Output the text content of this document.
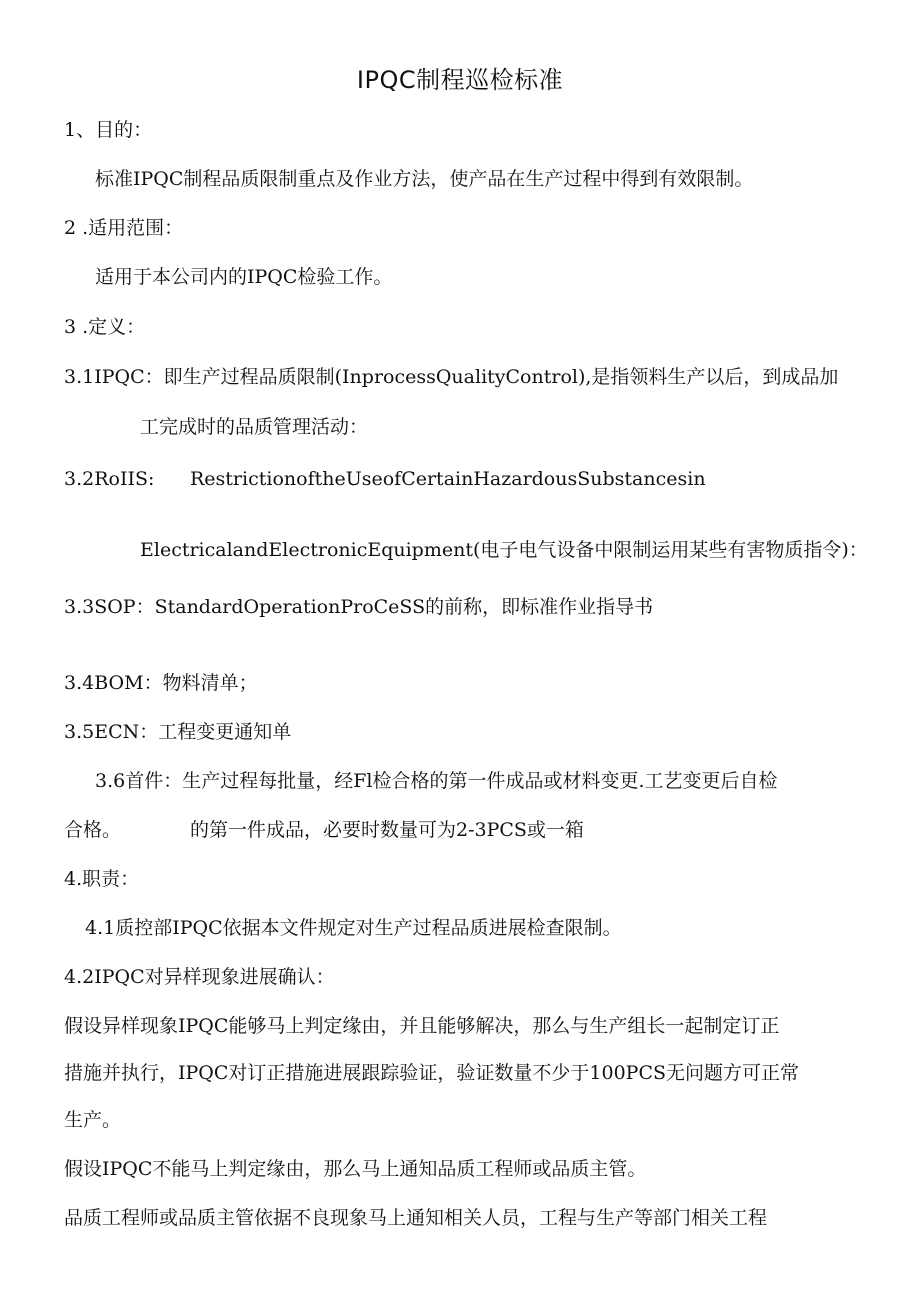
IPQC制程巡检标准
1、目的：
标准IPQC制程品质限制重点及作业方法，使产品在生产过程中得到有效限制。
2 .适用范围：
适用于本公司内的IPQC检验工作。
3 .定义：
3.1IPQC：即生产过程品质限制(InprocessQualityControl),是指领料生产以后，到成品加
工完成时的品质管理活动：
3.2RoIIS: RestrictionoftheUseofCertainHazardousSubstancesin
ElectricalandElectronicEquipment(电子电气设备中限制运用某些有害物质指令)：
3.3SOP：StandardOperationProCeSS的前称，即标准作业指导书
3.4BOM：物料清单；
3.5ECN：工程变更通知单
3.6首件：生产过程每批量，经Fl检合格的第一件成品或材料变更.工艺变更后自检
合格。	的第一件成品，必要时数量可为2-3PCS或一箱
4.职责：
4.1质控部IPQC依据本文件规定对生产过程品质进展检查限制。
4.2IPQC对异样现象进展确认：
假设异样现象IPQC能够马上判定缘由，并且能够解决，那么与生产组长一起制定订正
措施并执行，IPQC对订正措施进展跟踪验证，验证数量不少于100PCS无问题方可正常
生产。
假设IPQC不能马上判定缘由，那么马上通知品质工程师或品质主管。
品质工程师或品质主管依据不良现象马上通知相关人员，工程与生产等部门相关工程
